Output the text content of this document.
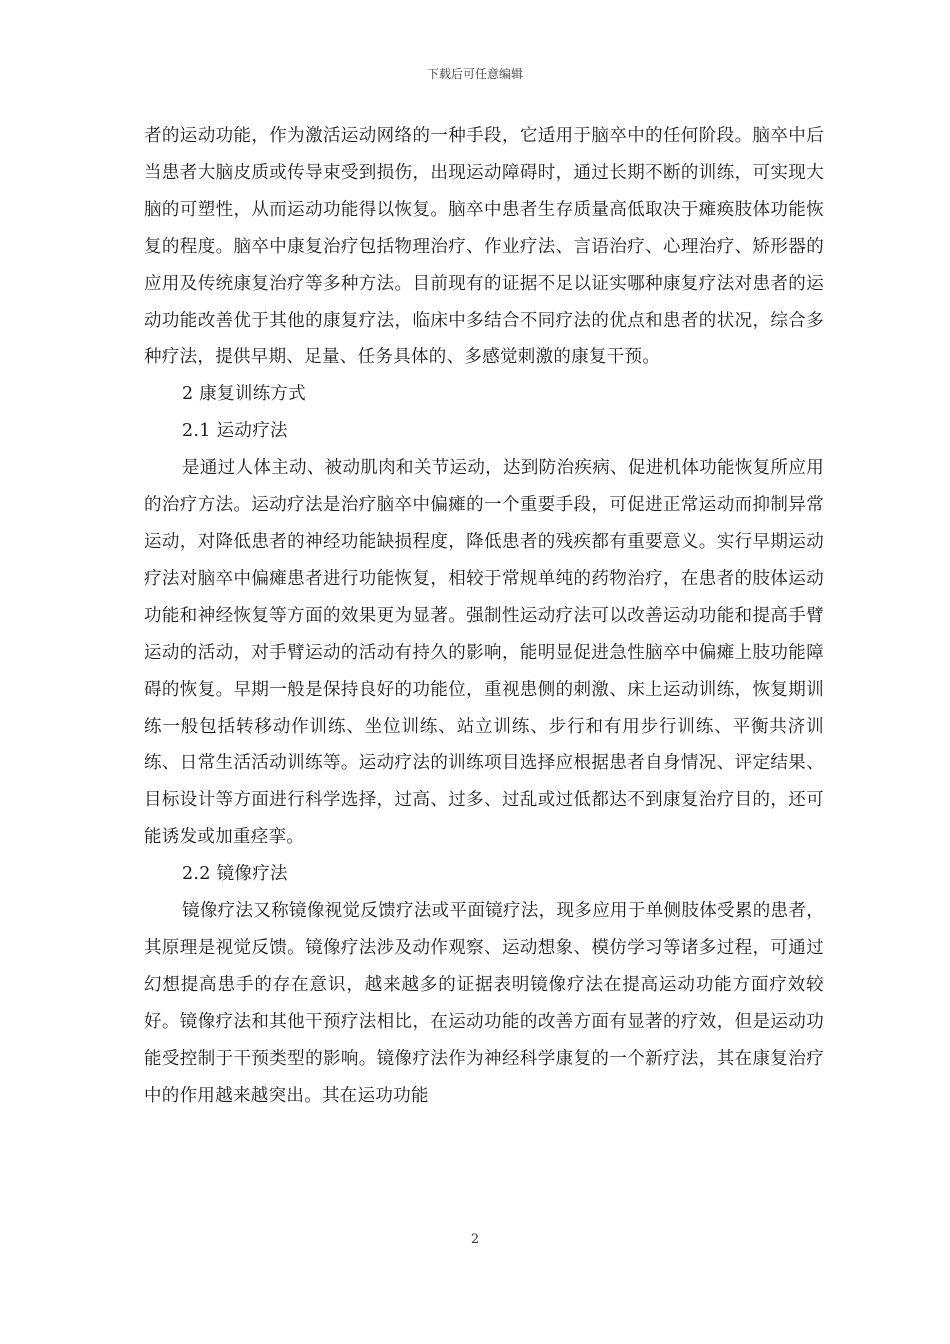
下载后可任意编辑

者的运动功能，作为激活运动网络的一种手段，它适用于脑卒中的任何阶段。脑卒中后当患者大脑皮质或传导束受到损伤，出现运动障碍时，通过长期不断的训练，可实现大脑的可塑性，从而运动功能得以恢复。脑卒中患者生存质量高低取决于瘫痪肢体功能恢复的程度。脑卒中康复治疗包括物理治疗、作业疗法、言语治疗、心理治疗、矫形器的应用及传统康复治疗等多种方法。目前现有的证据不足以证实哪种康复疗法对患者的运动功能改善优于其他的康复疗法，临床中多结合不同疗法的优点和患者的状况，综合多种疗法，提供早期、足量、任务具体的、多感觉刺激的康复干预。

2 康复训练方式

2.1 运动疗法

是通过人体主动、被动肌肉和关节运动，达到防治疾病、促进机体功能恢复所应用的治疗方法。运动疗法是治疗脑卒中偏瘫的一个重要手段，可促进正常运动而抑制异常运动，对降低患者的神经功能缺损程度，降低患者的残疾都有重要意义。实行早期运动疗法对脑卒中偏瘫患者进行功能恢复，相较于常规单纯的药物治疗，在患者的肢体运动功能和神经恢复等方面的效果更为显著。强制性运动疗法可以改善运动功能和提高手臂运动的活动，对手臂运动的活动有持久的影响，能明显促进急性脑卒中偏瘫上肢功能障碍的恢复。早期一般是保持良好的功能位，重视患侧的刺激、床上运动训练，恢复期训练一般包括转移动作训练、坐位训练、站立训练、步行和有用步行训练、平衡共济训练、日常生活活动训练等。运动疗法的训练项目选择应根据患者自身情况、评定结果、目标设计等方面进行科学选择，过高、过多、过乱或过低都达不到康复治疗目的，还可能诱发或加重痉挛。

2.2 镜像疗法

镜像疗法又称镜像视觉反馈疗法或平面镜疗法，现多应用于单侧肢体受累的患者，其原理是视觉反馈。镜像疗法涉及动作观察、运动想象、模仿学习等诸多过程，可通过幻想提高患手的存在意识，越来越多的证据表明镜像疗法在提高运动功能方面疗效较好。镜像疗法和其他干预疗法相比，在运动功能的改善方面有显著的疗效，但是运动功能受控制于干预类型的影响。镜像疗法作为神经科学康复的一个新疗法，其在康复治疗中的作用越来越突出。其在运功功能

2
